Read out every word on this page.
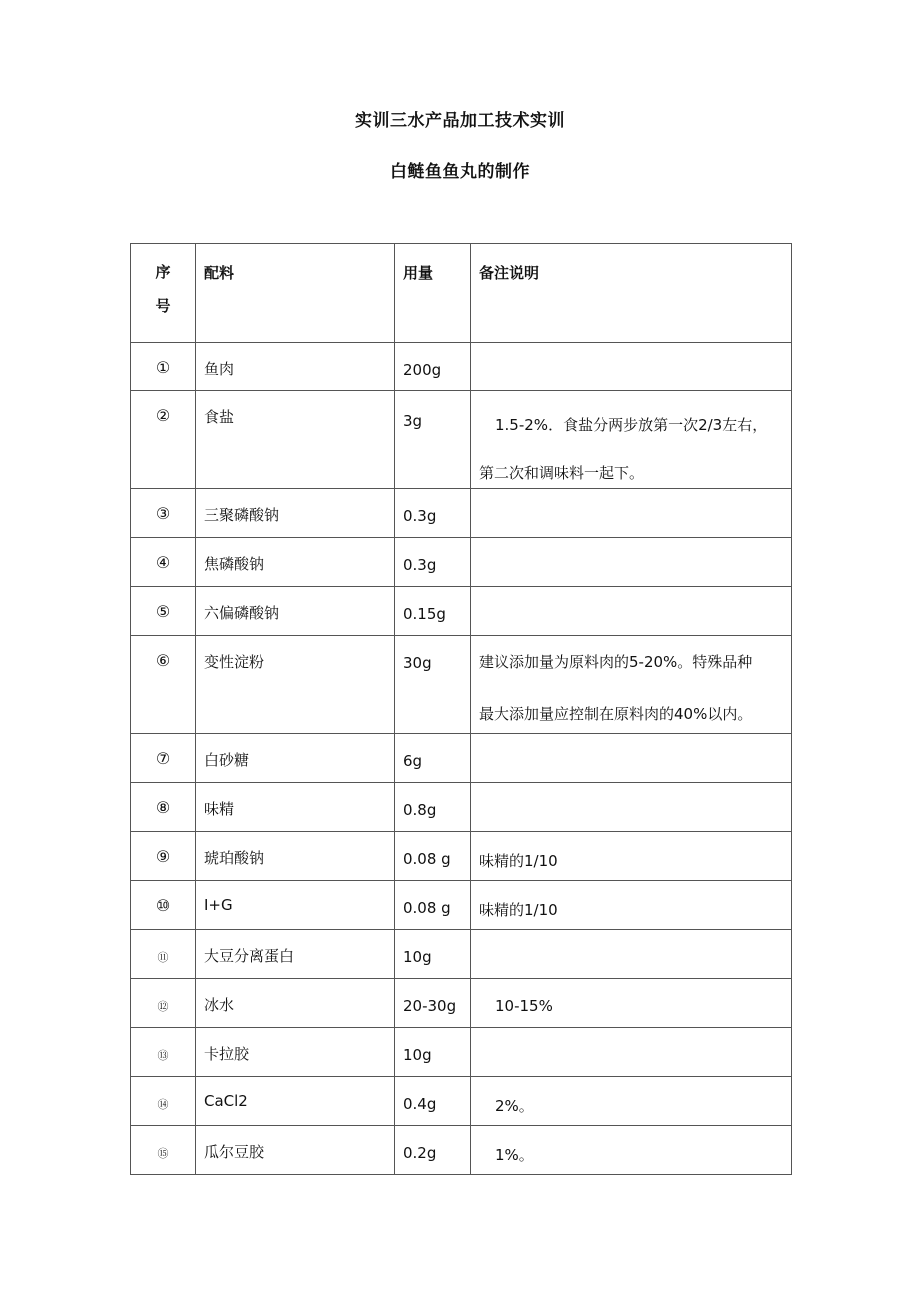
实训三水产品加工技术实训
白鲢鱼鱼丸的制作
序
号	配料	用量	备注说明
①	鱼肉	200g	
②	食盐	3g	1.5-2%．食盐分两步放第一次2/3左右，
第二次和调味料一起下。

③	三聚磷酸钠	0.3g	
④	焦磷酸钠	0.3g	
⑤	六偏磷酸钠	0.15g	
⑥	变性淀粉	30g	建议添加量为原料肉的5-20%。特殊品种
最大添加量应控制在原料肉的40%以内。

⑦	白砂糖	6g	
⑧	味精	0.8g	
⑨	琥珀酸钠	0.08 g	味精的1/10
⑩	I+G	0.08 g	味精的1/10
⑪	大豆分离蛋白	10g	
⑫	冰水	20-30g	10-15%
⑬	卡拉胶	10g	
⑭	CaCl2	0.4g	2%。
⑮	瓜尔豆胶	0.2g	1%。
